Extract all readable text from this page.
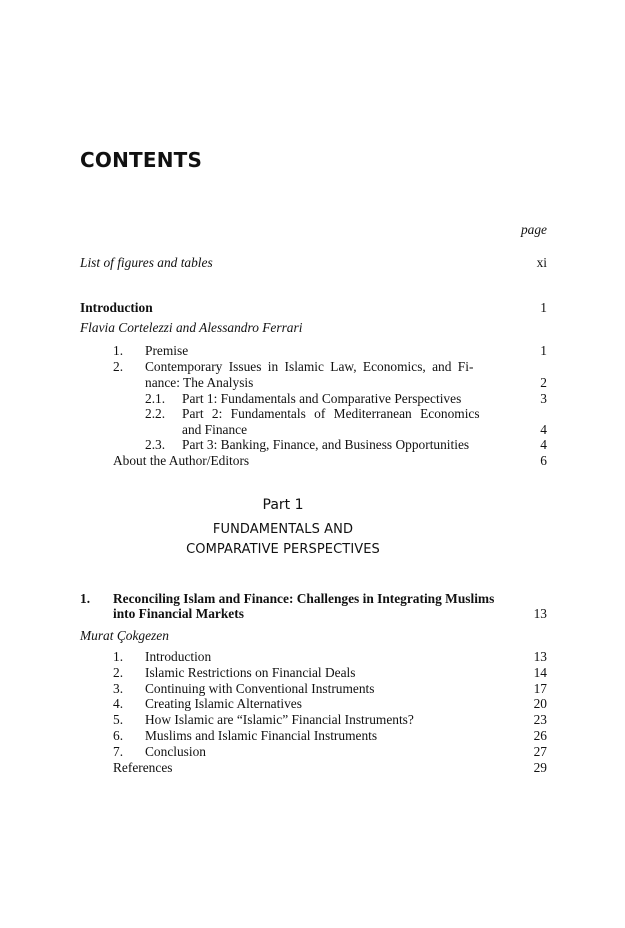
CONTENTS
page
List of figures and tables	xi
Introduction	1
Flavia Cortelezzi and Alessandro Ferrari
1. Premise	1
2. Contemporary Issues in Islamic Law, Economics, and Fi-
nance: The Analysis	2
2.1. Part 1: Fundamentals and Comparative Perspectives	3
2.2. Part 2: Fundamentals of Mediterranean Economics
and Finance	4
2.3. Part 3: Banking, Finance, and Business Opportunities	4
About the Author/Editors	6
Part 1
FUNDAMENTALS AND
COMPARATIVE PERSPECTIVES
1. Reconciling Islam and Finance: Challenges in Integrating Muslims
into Financial Markets	13
Murat Çokgezen
1. Introduction	13
2. Islamic Restrictions on Financial Deals	14
3. Continuing with Conventional Instruments	17
4. Creating Islamic Alternatives	20
5. How Islamic are “Islamic” Financial Instruments?	23
6. Muslims and Islamic Financial Instruments	26
7. Conclusion	27
References	29
